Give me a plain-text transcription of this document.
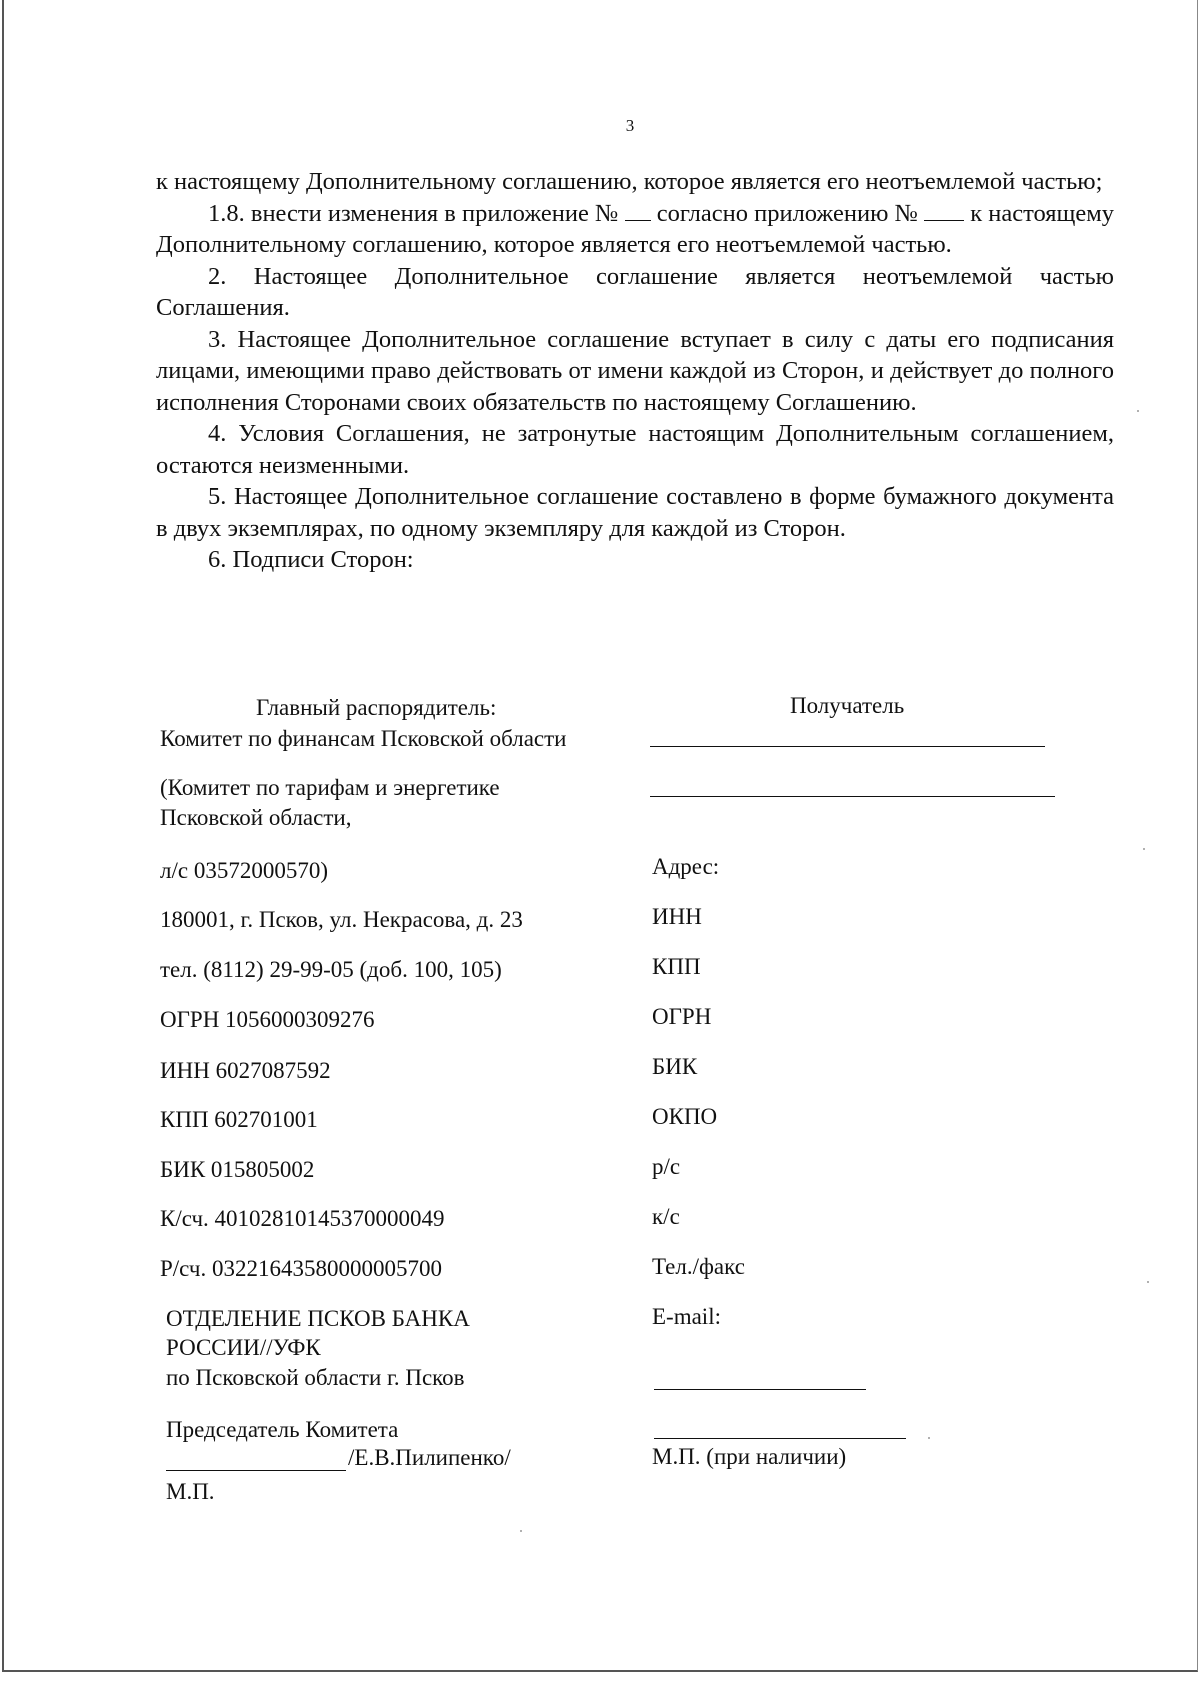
3

к настоящему Дополнительному соглашению, которое является его неотъемлемой частью;

1.8. внести изменения в приложение № согласно приложению № к настоящему Дополнительному соглашению, которое является его неотъемлемой частью.

2. Настоящее Дополнительное соглашение является неотъемлемой частью Соглашения.

3. Настоящее Дополнительное соглашение вступает в силу с даты его подписания лицами, имеющими право действовать от имени каждой из Сторон, и действует до полного исполнения Сторонами своих обязательств по настоящему Соглашению.

4. Условия Соглашения, не затронутые настоящим Дополнительным соглашением, остаются неизменными.

5. Настоящее Дополнительное соглашение составлено в форме бумажного документа в двух экземплярах, по одному экземпляру для каждой из Сторон.

6. Подписи Сторон:

Главный распорядитель:
Комитет по финансам Псковской области
(Комитет по тарифам и энергетике
Псковской области,
л/с 03572000570)
180001, г. Псков, ул. Некрасова, д. 23
тел. (8112) 29-99-05 (доб. 100, 105)
ОГРН 1056000309276
ИНН 6027087592
КПП 602701001
БИК 015805002
К/сч. 40102810145370000049
Р/сч. 03221643580000005700
ОТДЕЛЕНИЕ ПСКОВ БАНКА
РОССИИ//УФК
по Псковской области г. Псков
Председатель Комитета
/Е.В.Пилипенко/
М.П.
Получатель
Адрес:
ИНН
КПП
ОГРН
БИК
ОКПО
р/с
к/с
Тел./факс
E-mail:
М.П. (при наличии)
